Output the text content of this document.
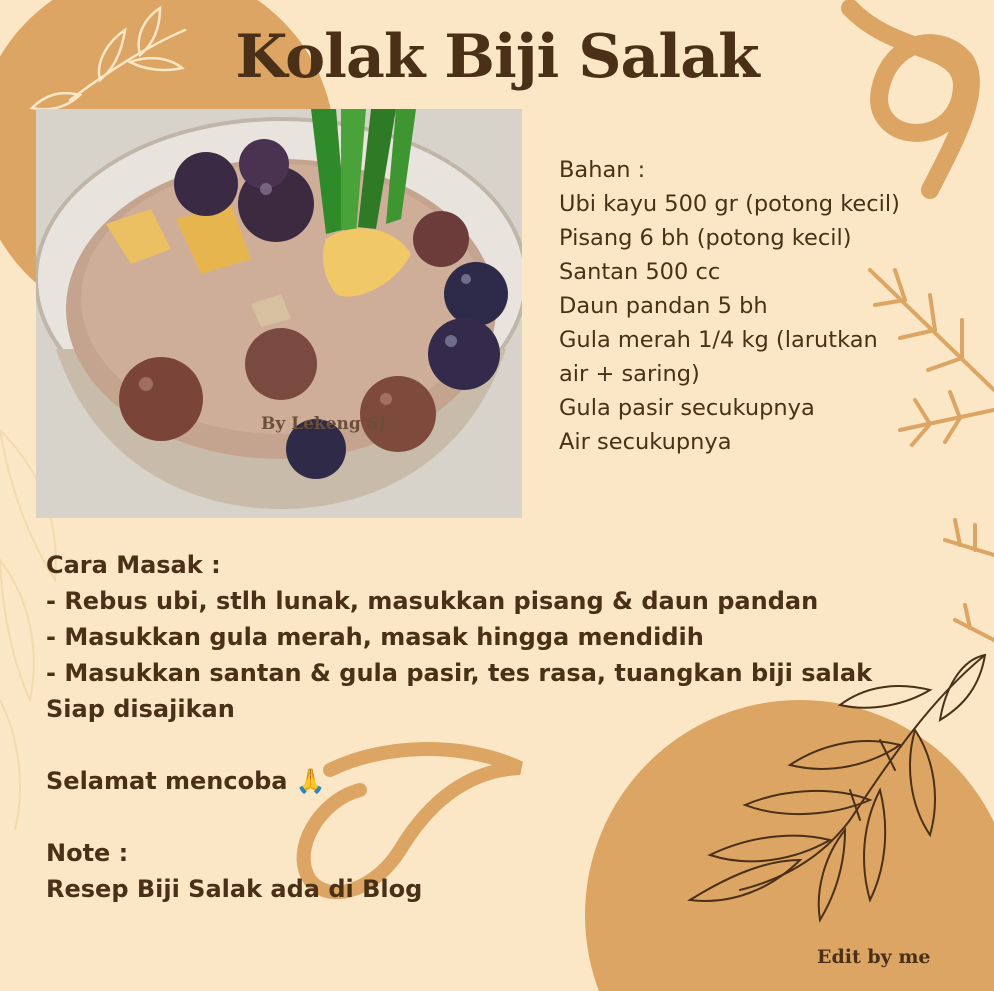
Kolak Biji Salak
By Lekeng Sj
Bahan :
Ubi kayu 500 gr (potong kecil)
Pisang 6 bh (potong kecil)
Santan 500 cc
Daun pandan 5 bh
Gula merah 1/4 kg (larutkan
air + saring)
Gula pasir secukupnya
Air secukupnya
Cara Masak :
- Rebus ubi, stlh lunak, masukkan pisang & daun pandan
- Masukkan gula merah, masak hingga mendidih
- Masukkan santan & gula pasir, tes rasa, tuangkan biji salak
Siap disajikan
Selamat mencoba 🙏
Note :
Resep Biji Salak ada di Blog
Edit by me
